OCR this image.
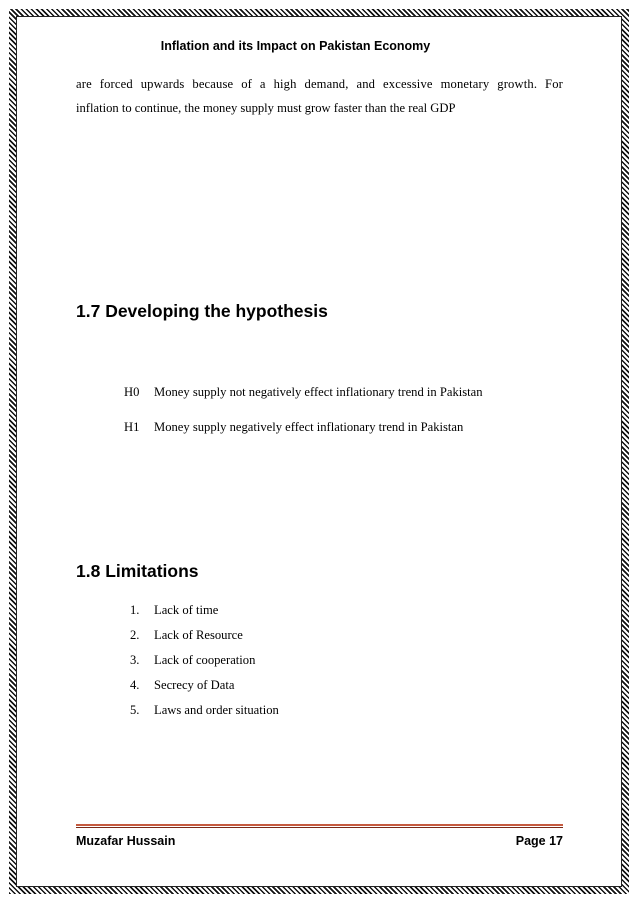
Inflation and its Impact on Pakistan Economy

are forced upwards because of a high demand, and excessive monetary growth. For

inflation to continue, the money supply must grow faster than the real GDP

1.7 Developing the hypothesis
H0 Money supply not negatively effect inflationary trend in Pakistan
H1 Money supply negatively effect inflationary trend in Pakistan
1.8 Limitations
1. Lack of time
2. Lack of Resource
3. Lack of cooperation
4. Secrecy of Data
5. Laws and order situation
Muzafar Hussain	Page 17
